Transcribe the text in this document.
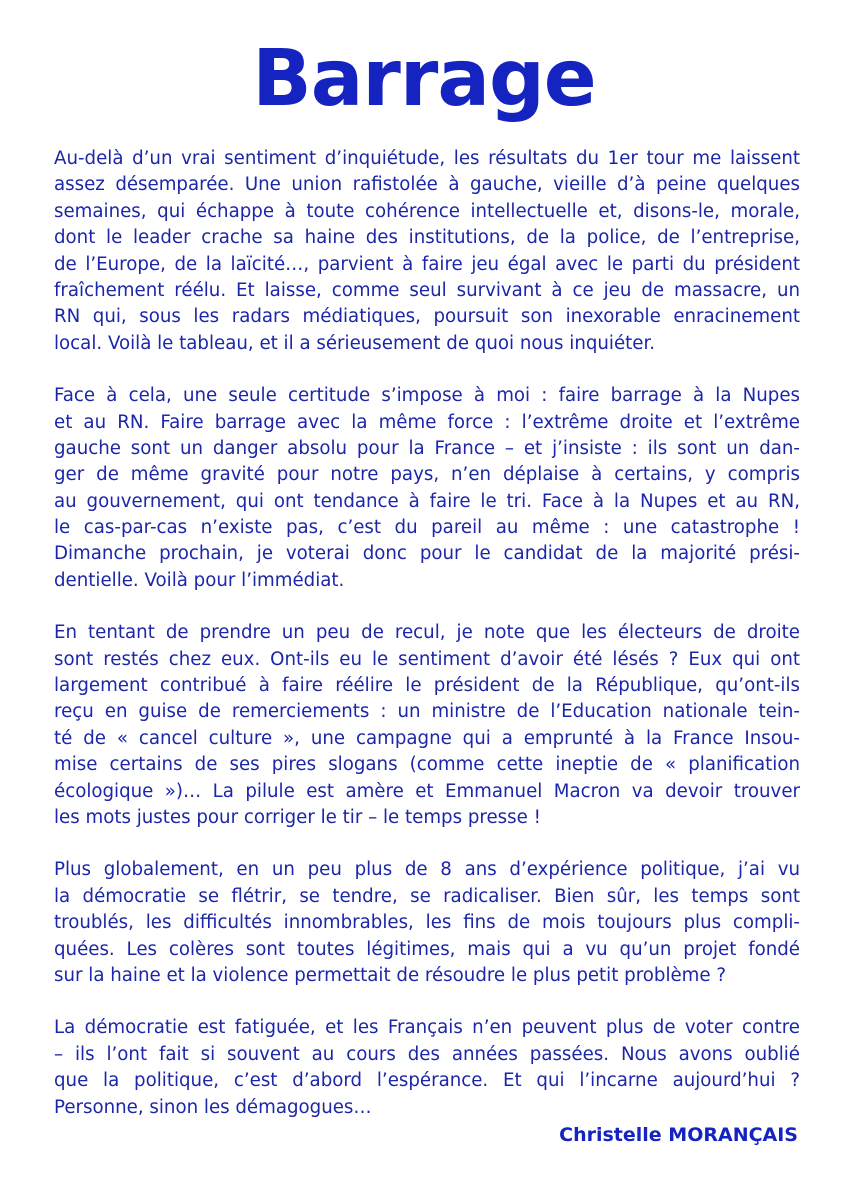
Barrage
Au-delà d’un vrai sentiment d’inquiétude, les résultats du 1er tour me laissent
assez désemparée. Une union rafistolée à gauche, vieille d’à peine quelques
semaines, qui échappe à toute cohérence intellectuelle et, disons-le, morale,
dont le leader crache sa haine des institutions, de la police, de l’entreprise,
de l’Europe, de la laïcité…, parvient à faire jeu égal avec le parti du président
fraîchement réélu. Et laisse, comme seul survivant à ce jeu de massacre, un
RN qui, sous les radars médiatiques, poursuit son inexorable enracinement
local. Voilà le tableau, et il a sérieusement de quoi nous inquiéter.
Face à cela, une seule certitude s’impose à moi : faire barrage à la Nupes
et au RN. Faire barrage avec la même force : l’extrême droite et l’extrême
gauche sont un danger absolu pour la France – et j’insiste : ils sont un dan-
ger de même gravité pour notre pays, n’en déplaise à certains, y compris
au gouvernement, qui ont tendance à faire le tri. Face à la Nupes et au RN,
le cas-par-cas n’existe pas, c’est du pareil au même : une catastrophe !
Dimanche prochain, je voterai donc pour le candidat de la majorité prési-
dentielle. Voilà pour l’immédiat.
En tentant de prendre un peu de recul, je note que les électeurs de droite
sont restés chez eux. Ont-ils eu le sentiment d’avoir été lésés ? Eux qui ont
largement contribué à faire réélire le président de la République, qu’ont-ils
reçu en guise de remerciements : un ministre de l’Education nationale tein-
té de « cancel culture », une campagne qui a emprunté à la France Insou-
mise certains de ses pires slogans (comme cette ineptie de « planification
écologique »)… La pilule est amère et Emmanuel Macron va devoir trouver
les mots justes pour corriger le tir – le temps presse !
Plus globalement, en un peu plus de 8 ans d’expérience politique, j’ai vu
la démocratie se flétrir, se tendre, se radicaliser. Bien sûr, les temps sont
troublés, les difficultés innombrables, les fins de mois toujours plus compli-
quées. Les colères sont toutes légitimes, mais qui a vu qu’un projet fondé
sur la haine et la violence permettait de résoudre le plus petit problème ?
La démocratie est fatiguée, et les Français n’en peuvent plus de voter contre
– ils l’ont fait si souvent au cours des années passées. Nous avons oublié
que la politique, c’est d’abord l’espérance. Et qui l’incarne aujourd’hui ?
Personne, sinon les démagogues…
Christelle MORANÇAIS
